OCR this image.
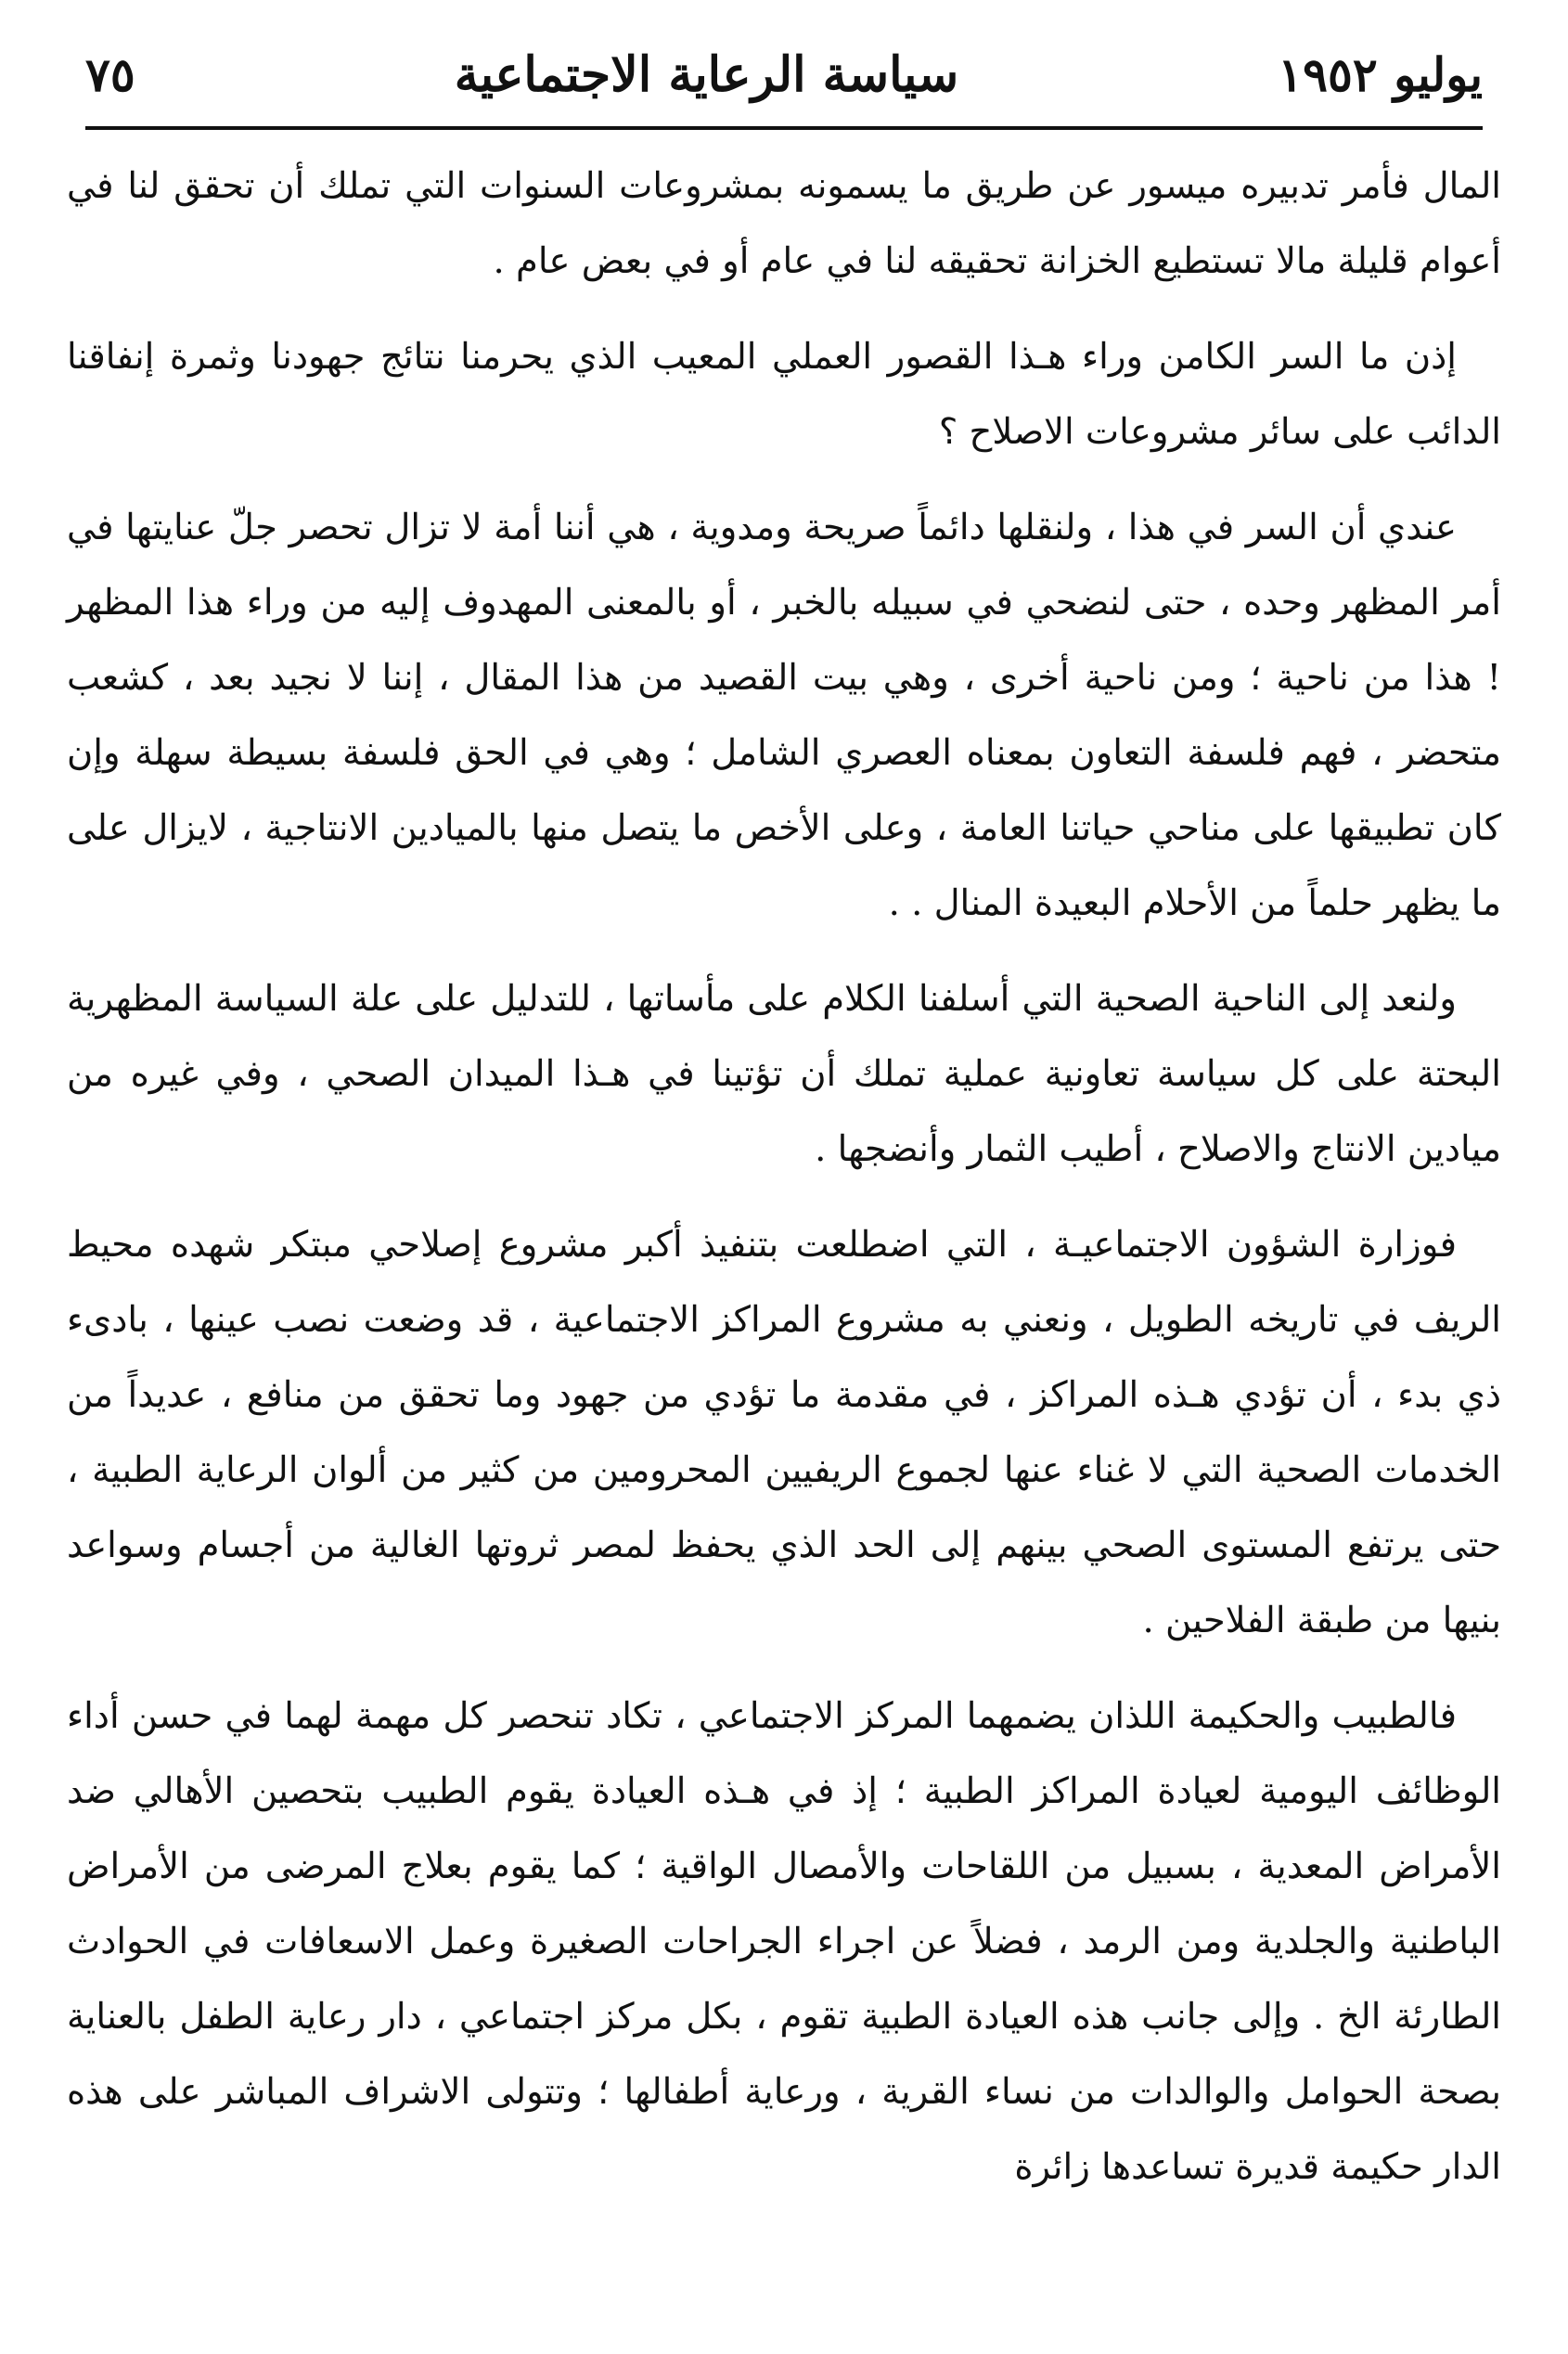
يوليو ١٩٥٢
سياسة الرعاية الاجتماعية
٧٥

المال فأمر تدبيره ميسور عن طريق ما يسمونه بمشروعات السنوات التي تملك أن تحقق لنا في أعوام قليلة مالا تستطيع الخزانة تحقيقه لنا في عام أو في بعض عام .

إذن ما السر الكامن وراء هـذا القصور العملي المعيب الذي يحرمنا نتائج جهودنا وثمرة إنفاقنا الدائب على سائر مشروعات الاصلاح ؟

عندي أن السر في هذا ، ولنقلها دائماً صريحة ومدوية ، هي أننا أمة لا تزال تحصر جلّ عنايتها في أمر المظهر وحده ، حتى لنضحي في سبيله بالخبر ، أو بالمعنى المهدوف إليه من وراء هذا المظهر ! هذا من ناحية ؛ ومن ناحية أخرى ، وهي بيت القصيد من هذا المقال ، إننا لا نجيد بعد ، كشعب متحضر ، فهم فلسفة التعاون بمعناه العصري الشامل ؛ وهي في الحق فلسفة بسيطة سهلة وإن كان تطبيقها على مناحي حياتنا العامة ، وعلى الأخص ما يتصل منها بالميادين الانتاجية ، لايزال على ما يظهر حلماً من الأحلام البعيدة المنال . .

ولنعد إلى الناحية الصحية التي أسلفنا الكلام على مأساتها ، للتدليل على علة السياسة المظهرية البحتة على كل سياسة تعاونية عملية تملك أن تؤتينا في هـذا الميدان الصحي ، وفي غيره من ميادين الانتاج والاصلاح ، أطيب الثمار وأنضجها .

فوزارة الشؤون الاجتماعيـة ، التي اضطلعت بتنفيذ أكبر مشروع إصلاحي مبتكر شهده محيط الريف في تاريخه الطويل ، ونعني به مشروع المراكز الاجتماعية ، قد وضعت نصب عينها ، بادىء ذي بدء ، أن تؤدي هـذه المراكز ، في مقدمة ما تؤدي من جهود وما تحقق من منافع ، عديداً من الخدمات الصحية التي لا غناء عنها لجموع الريفيين المحرومين من كثير من ألوان الرعاية الطبية ، حتى يرتفع المستوى الصحي بينهم إلى الحد الذي يحفظ لمصر ثروتها الغالية من أجسام وسواعد بنيها من طبقة الفلاحين .

فالطبيب والحكيمة اللذان يضمهما المركز الاجتماعي ، تكاد تنحصر كل مهمة لهما في حسن أداء الوظائف اليومية لعيادة المراكز الطبية ؛ إذ في هـذه العيادة يقوم الطبيب بتحصين الأهالي ضد الأمراض المعدية ، بسبيل من اللقاحات والأمصال الواقية ؛ كما يقوم بعلاج المرضى من الأمراض الباطنية والجلدية ومن الرمد ، فضلاً عن اجراء الجراحات الصغيرة وعمل الاسعافات في الحوادث الطارئة الخ . وإلى جانب هذه العيادة الطبية تقوم ، بكل مركز اجتماعي ، دار رعاية الطفل بالعناية بصحة الحوامل والوالدات من نساء القرية ، ورعاية أطفالها ؛ وتتولى الاشراف المباشر على هذه الدار حكيمة قديرة تساعدها زائرة
